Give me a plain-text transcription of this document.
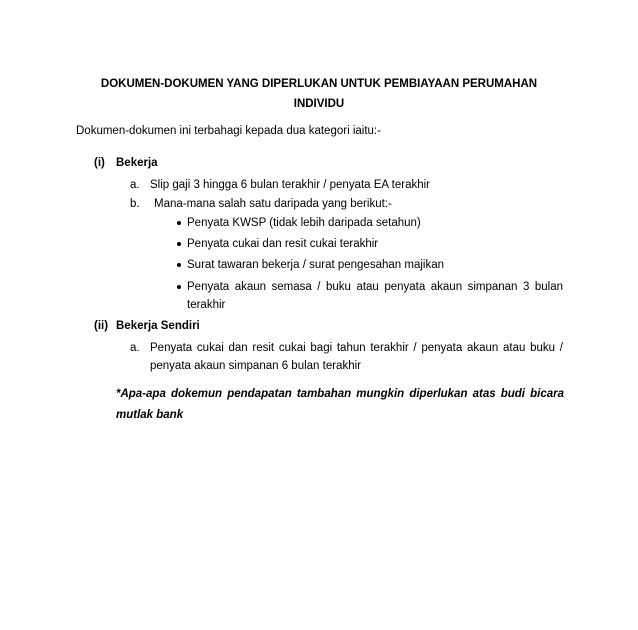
DOKUMEN-DOKUMEN YANG DIPERLUKAN UNTUK PEMBIAYAAN PERUMAHAN
INDIVIDU
Dokumen-dokumen ini terbahagi kepada dua kategori iaitu:-
(i) Bekerja
a. Slip gaji 3 hingga 6 bulan terakhir / penyata EA terakhir
b. Mana-mana salah satu daripada yang berikut:-
Penyata KWSP (tidak lebih daripada setahun)
Penyata cukai dan resit cukai terakhir
Surat tawaran bekerja / surat pengesahan majikan
Penyata akaun semasa / buku atau penyata akaun simpanan 3 bulan
terakhir
(ii) Bekerja Sendiri
a. Penyata cukai dan resit cukai bagi tahun terakhir / penyata akaun atau buku /
penyata akaun simpanan 6 bulan terakhir
*Apa-apa dokemun pendapatan tambahan mungkin diperlukan atas budi bicara
mutlak bank
